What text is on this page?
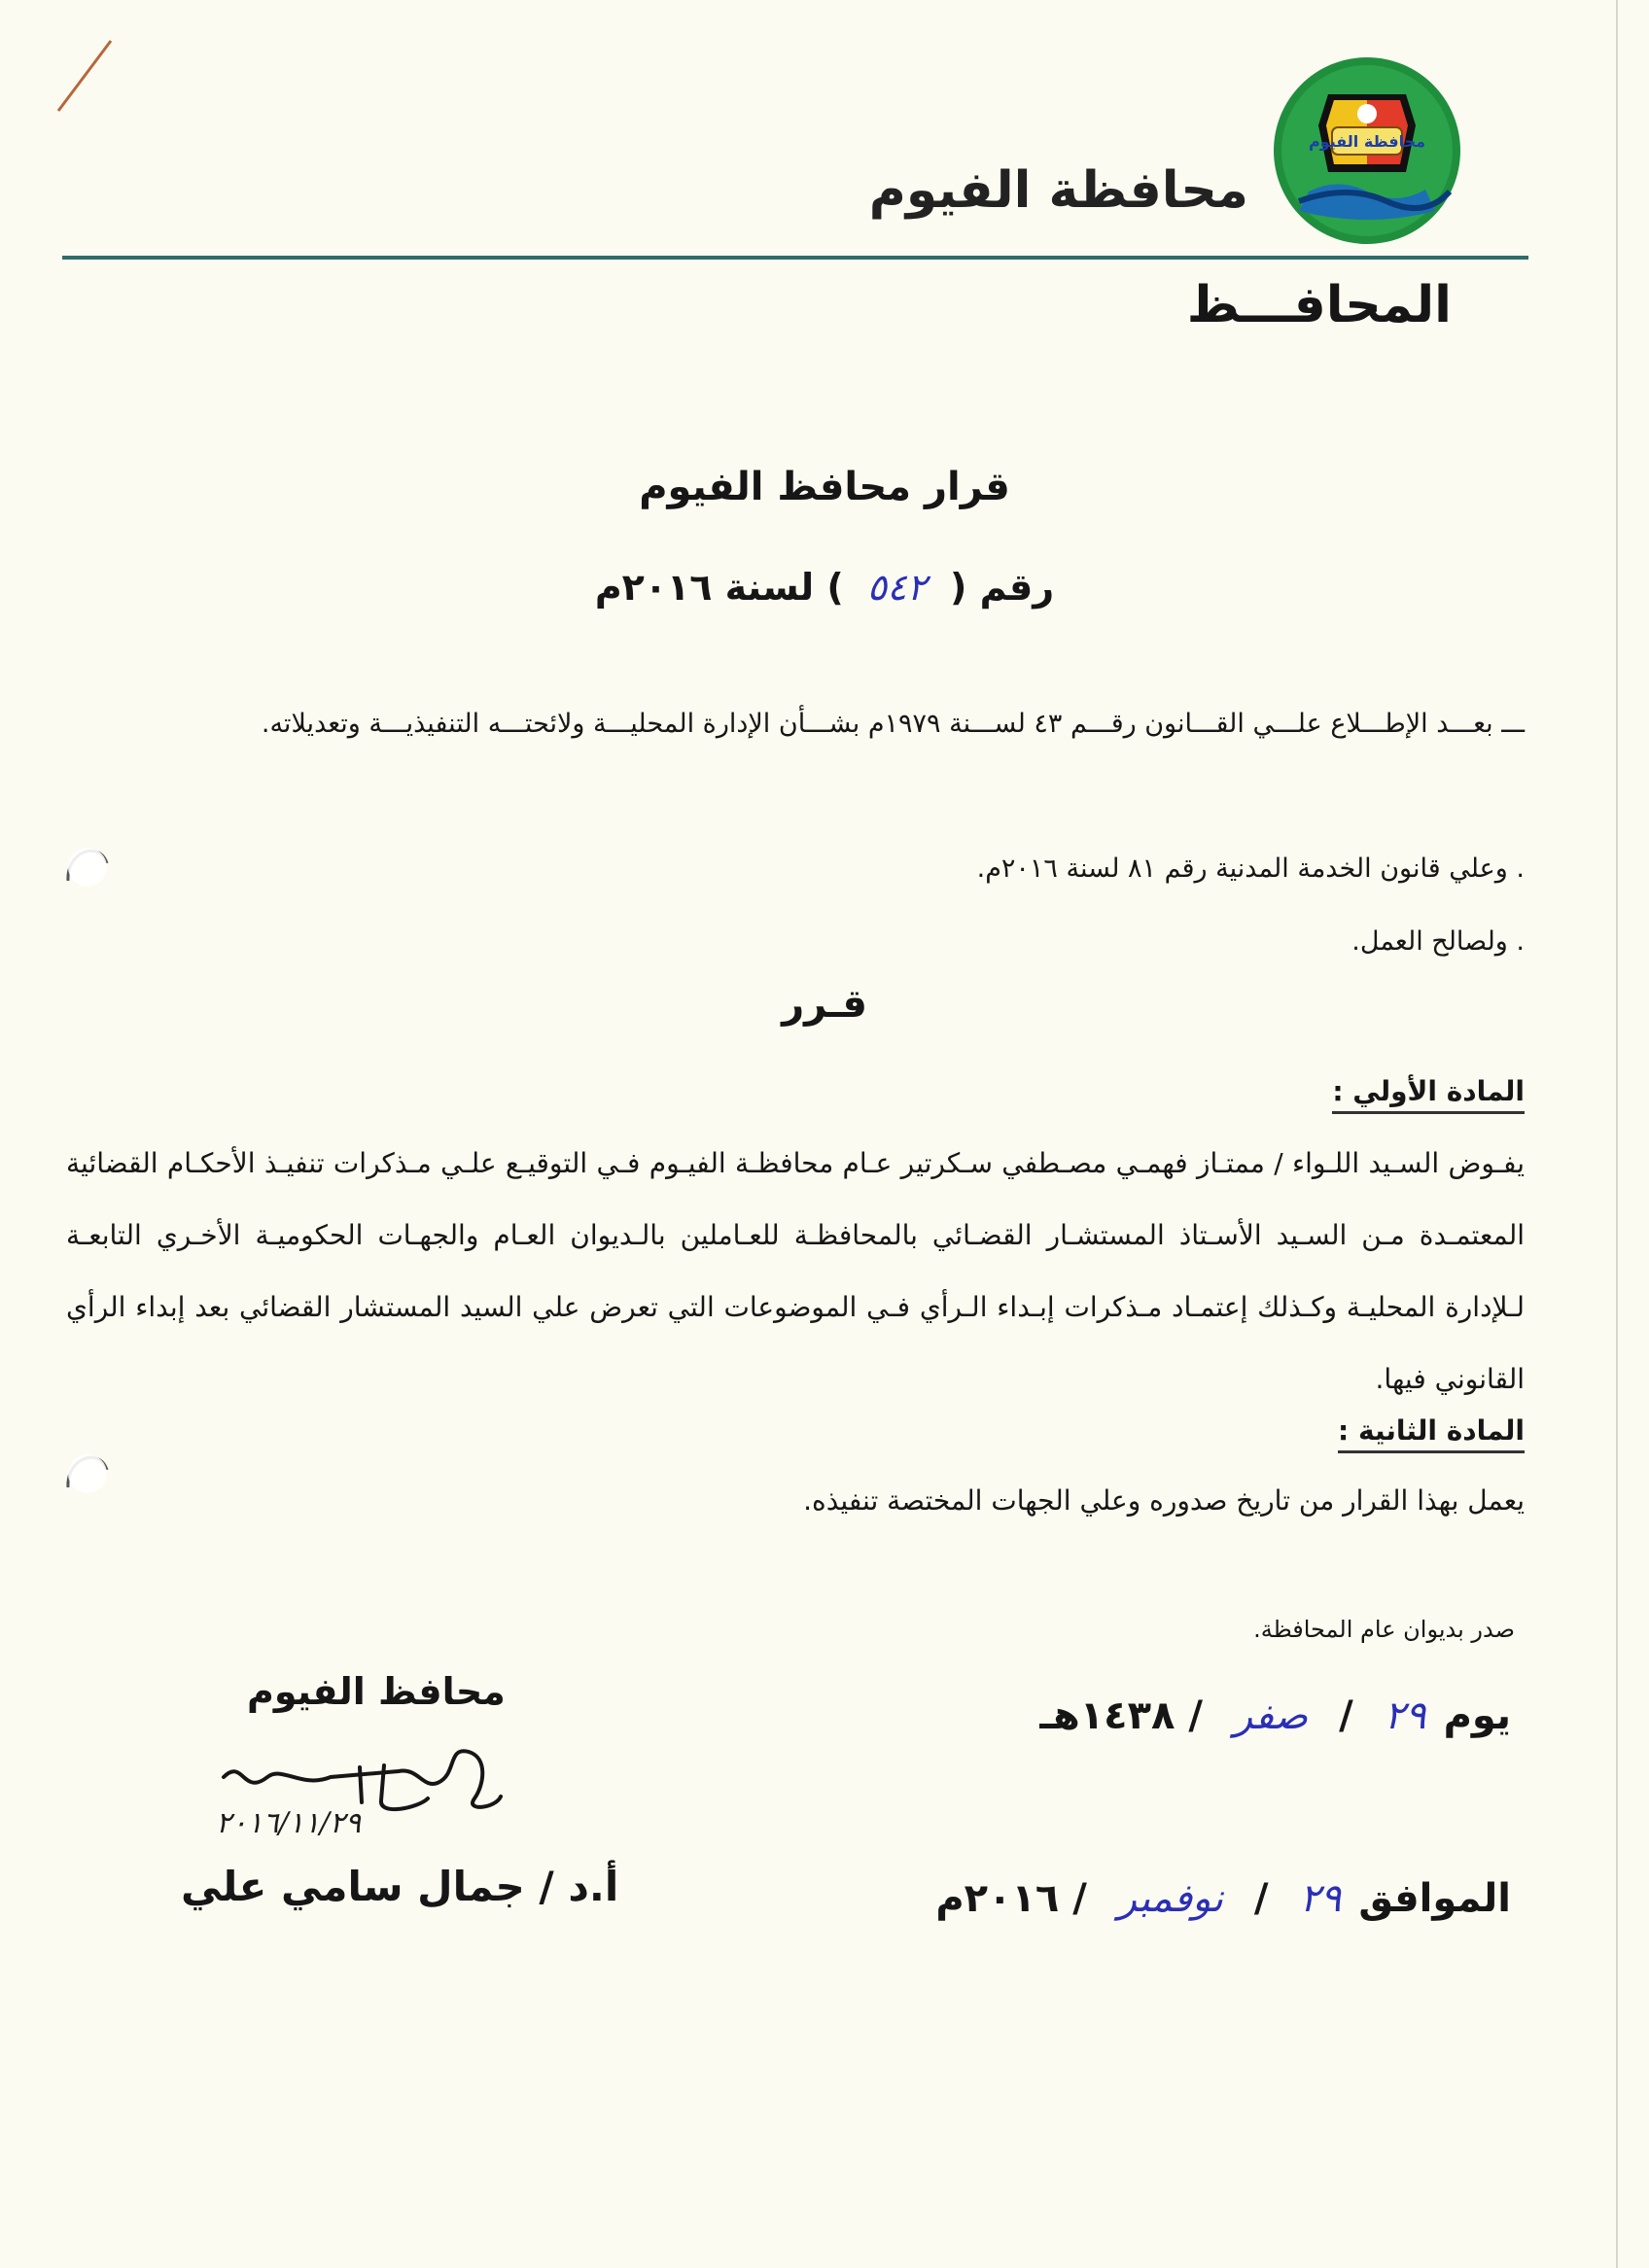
محافظة الفيوم
محافظة الفيوم
المحافـــظ
قرار محافظ الفيوم
رقم (٥٤٢) لسنة ٢٠١٦م
ـــ بعـــد الإطـــلاع علـــي القـــانون رقـــم ٤٣ لســـنة ١٩٧٩م بشـــأن الإدارة المحليـــة ولائحتـــه التنفيذيـــة وتعديلاته.
. وعلي قانون الخدمة المدنية رقم ٨١ لسنة ٢٠١٦م.
. ولصالح العمل.
قـرر
المادة الأولي :
يفـوض السـيد اللـواء / ممتـاز فهمـي مصـطفي سـكرتير عـام محافظـة الفيـوم فـي التوقيـع علـي مـذكرات تنفيـذ الأحكـام القضائية المعتمـدة مـن السـيد الأسـتاذ المستشـار القضـائي بالمحافظـة للعـاملين بالـديوان العـام والجهـات الحكوميـة الأخـري التابعـة لـلإدارة المحليـة وكـذلك إعتمـاد مـذكرات إبـداء الـرأي فـي الموضوعات التي تعرض علي السيد المستشار القضائي بعد إبداء الرأي القانوني فيها.
المادة الثانية :
يعمل بهذا القرار من تاريخ صدوره وعلي الجهات المختصة تنفيذه.
صدر بديوان عام المحافظة.
يوم٢٩ / صفر / ١٤٣٨هـ
الموافق٢٩ / نوفمبر / ٢٠١٦م
محافظ الفيوم
٢٠١٦/١١/٢٩
أ.د / جمال سامي علي
